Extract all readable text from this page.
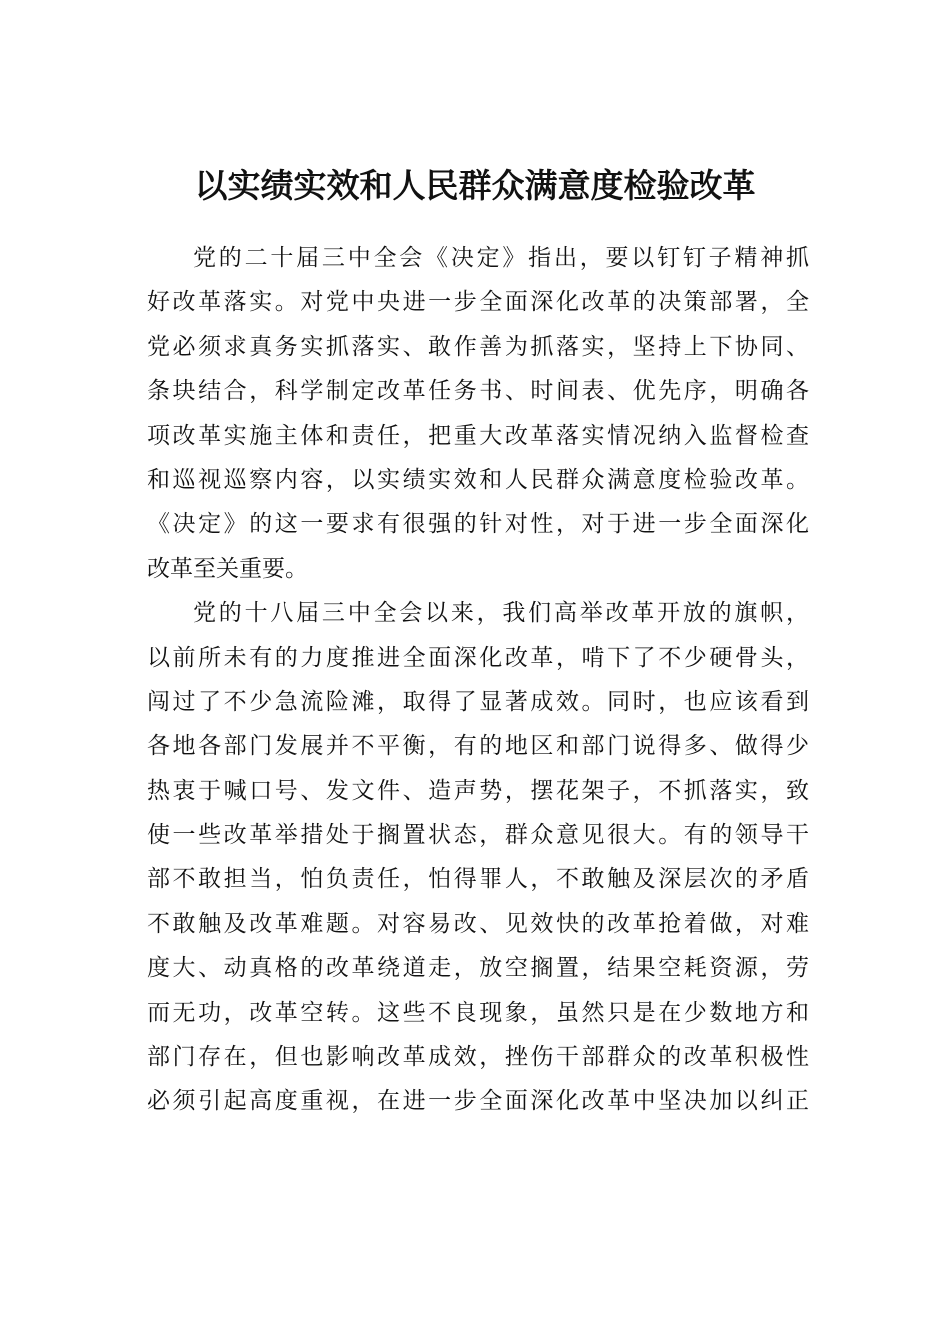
以实绩实效和人民群众满意度检验改革
党的二十届三中全会《决定》指出，要以钉钉子精神抓
好改革落实。对党中央进一步全面深化改革的决策部署，全
党必须求真务实抓落实、敢作善为抓落实，坚持上下协同、
条块结合，科学制定改革任务书、时间表、优先序，明确各
项改革实施主体和责任，把重大改革落实情况纳入监督检查
和巡视巡察内容，以实绩实效和人民群众满意度检验改革。
《决定》的这一要求有很强的针对性，对于进一步全面深化
改革至关重要。
党的十八届三中全会以来，我们高举改革开放的旗帜，
以前所未有的力度推进全面深化改革，啃下了不少硬骨头，
闯过了不少急流险滩，取得了显著成效。同时，也应该看到
各地各部门发展并不平衡，有的地区和部门说得多、做得少
热衷于喊口号、发文件、造声势，摆花架子，不抓落实，致
使一些改革举措处于搁置状态，群众意见很大。有的领导干
部不敢担当，怕负责任，怕得罪人，不敢触及深层次的矛盾
不敢触及改革难题。对容易改、见效快的改革抢着做，对难
度大、动真格的改革绕道走，放空搁置，结果空耗资源，劳
而无功，改革空转。这些不良现象，虽然只是在少数地方和
部门存在，但也影响改革成效，挫伤干部群众的改革积极性
必须引起高度重视，在进一步全面深化改革中坚决加以纠正
